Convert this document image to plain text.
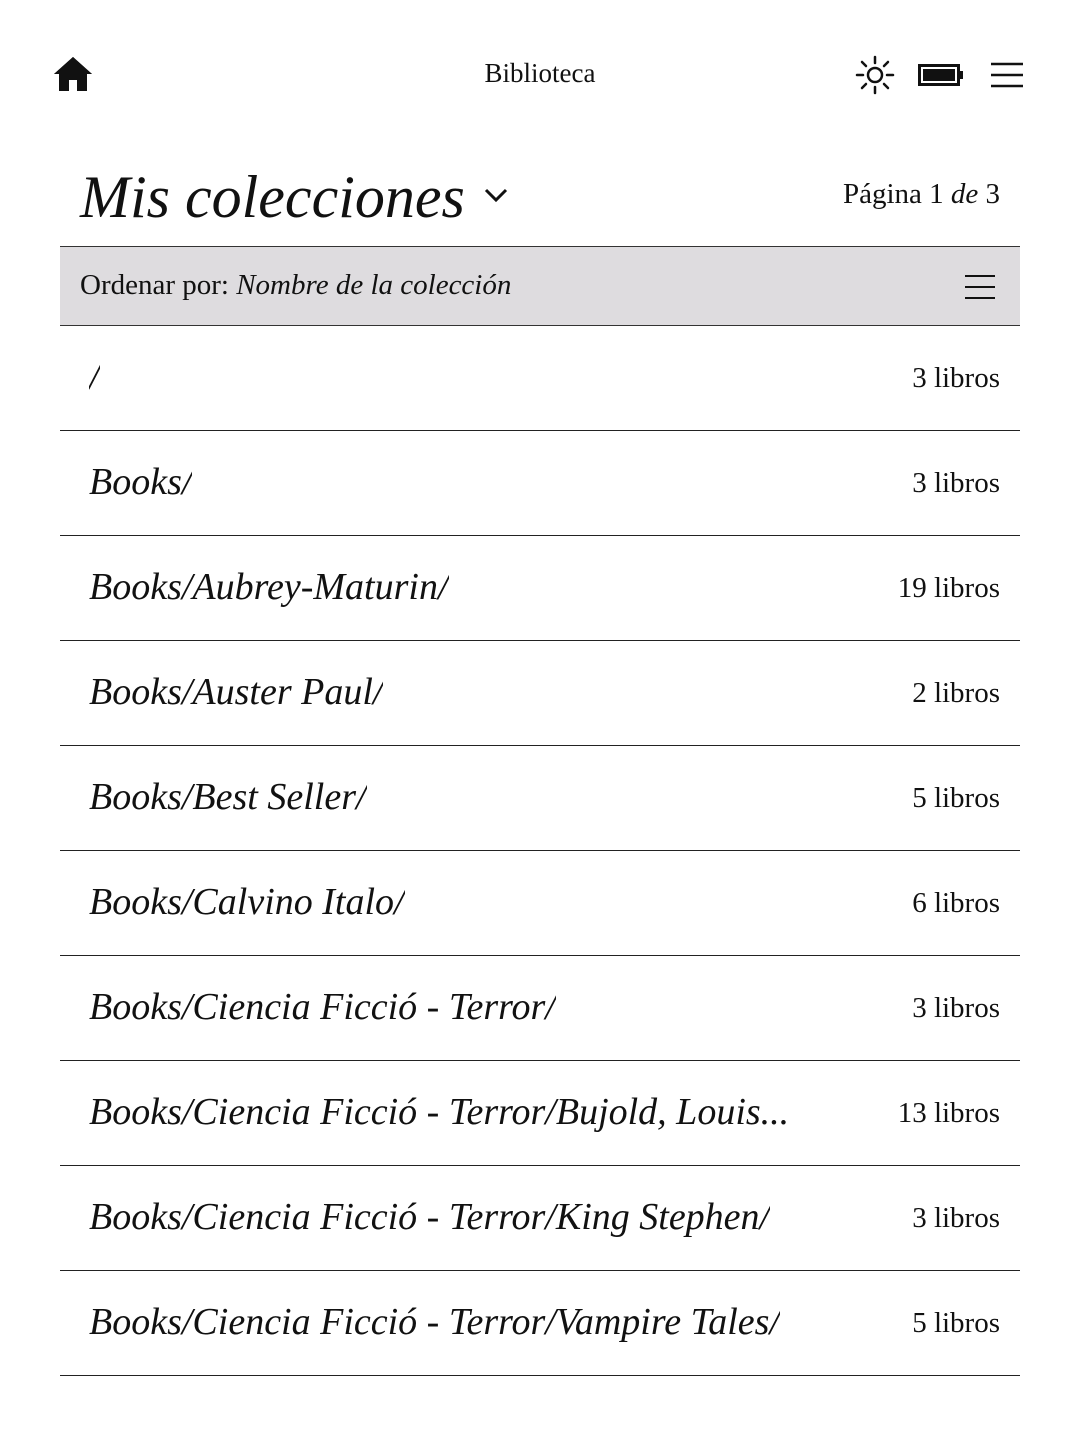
Biblioteca
Mis colecciones	Página 1 de 3
Ordenar por: Nombre de la colección
/	3 libros
Books/	3 libros
Books/Aubrey-Maturin/	19 libros
Books/Auster Paul/	2 libros
Books/Best Seller/	5 libros
Books/Calvino Italo/	6 libros
Books/Ciencia Ficció - Terror/	3 libros
Books/Ciencia Ficció - Terror/Bujold, Louis...	13 libros
Books/Ciencia Ficció - Terror/King Stephen/	3 libros
Books/Ciencia Ficció - Terror/Vampire Tales/	5 libros
